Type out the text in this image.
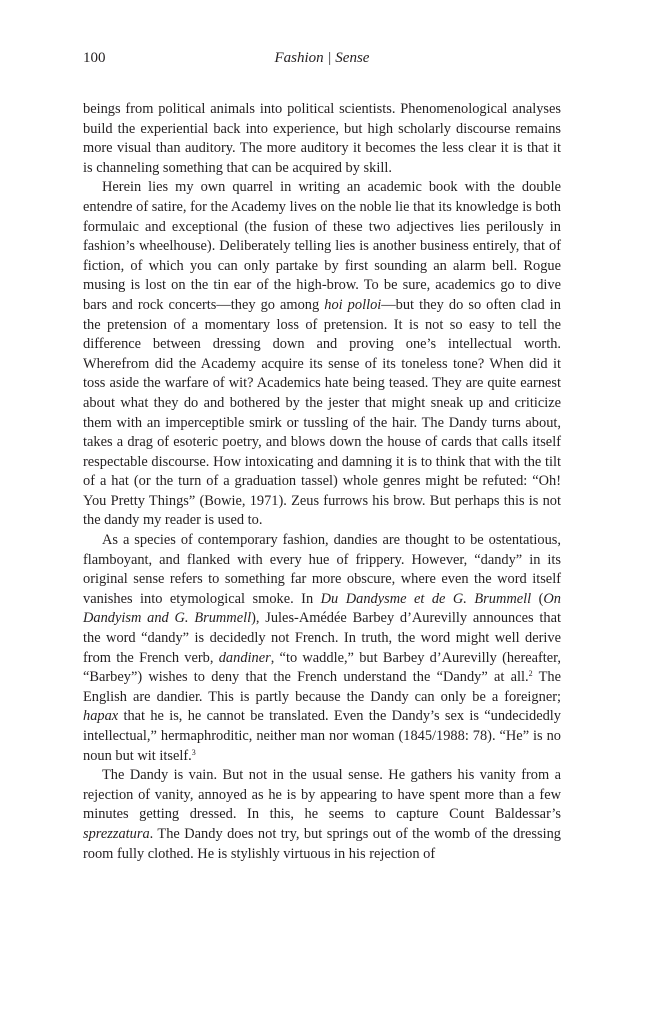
100	Fashion | Sense

beings from political animals into political scientists. Phenomenological analyses build the experiential back into experience, but high scholarly discourse remains more visual than auditory. The more auditory it becomes the less clear it is that it is channeling something that can be acquired by skill.

Herein lies my own quarrel in writing an academic book with the double entendre of satire, for the Academy lives on the noble lie that its knowledge is both formulaic and exceptional (the fusion of these two adjectives lies perilously in fashion’s wheelhouse). Deliberately telling lies is another business entirely, that of fiction, of which you can only partake by first sounding an alarm bell. Rogue musing is lost on the tin ear of the high-brow. To be sure, academics go to dive bars and rock concerts—they go among hoi polloi—but they do so often clad in the pretension of a momentary loss of pretension. It is not so easy to tell the difference between dressing down and proving one’s intellectual worth. Wherefrom did the Academy acquire its sense of its toneless tone? When did it toss aside the warfare of wit? Academics hate being teased. They are quite earnest about what they do and bothered by the jester that might sneak up and criticize them with an imperceptible smirk or tussling of the hair. The Dandy turns about, takes a drag of esoteric poetry, and blows down the house of cards that calls itself respectable discourse. How intoxicating and damning it is to think that with the tilt of a hat (or the turn of a graduation tassel) whole genres might be refuted: “Oh! You Pretty Things” (Bowie, 1971). Zeus furrows his brow. But perhaps this is not the dandy my reader is used to.

As a species of contemporary fashion, dandies are thought to be ostentatious, flamboyant, and flanked with every hue of frippery. However, “dandy” in its original sense refers to something far more obscure, where even the word itself vanishes into etymological smoke. In Du Dandysme et de G. Brummell (On Dandyism and G. Brummell), Jules-Amédée Barbey d’Aurevilly announces that the word “dandy” is decidedly not French. In truth, the word might well derive from the French verb, dandiner, “to waddle,” but Barbey d’Aurevilly (hereafter, “Barbey”) wishes to deny that the French understand the “Dandy” at all.$^2$ The English are dandier. This is partly because the Dandy can only be a foreigner; hapax that he is, he cannot be translated. Even the Dandy’s sex is “undecidedly intellectual,” hermaphroditic, neither man nor woman (1845/1988: 78). “He” is no noun but wit itself.$^3$

The Dandy is vain. But not in the usual sense. He gathers his vanity from a rejection of vanity, annoyed as he is by appearing to have spent more than a few minutes getting dressed. In this, he seems to capture Count Baldessar’s sprezzatura. The Dandy does not try, but springs out of the womb of the dressing room fully clothed. He is stylishly virtuous in his rejection of
